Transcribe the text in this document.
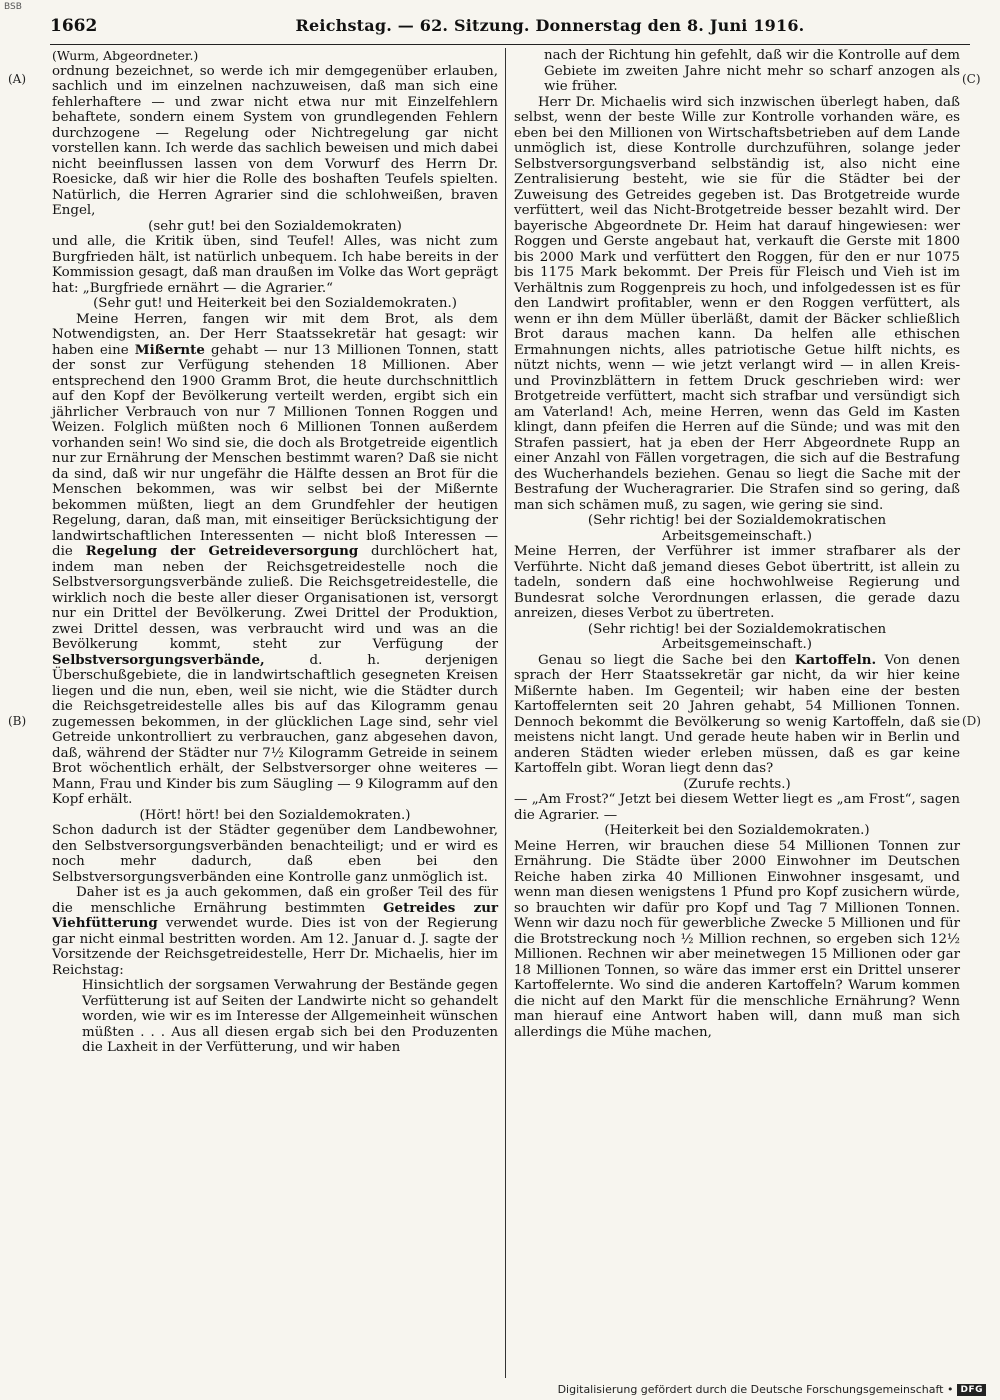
BSB
1662	Reichstag. — 62. Sitzung. Donnerstag den 8. Juni 1916.
(A)
(B)
(C)
(D)

(Wurm, Abgeordneter.)

ordnung bezeichnet, so werde ich mir demgegenüber erlauben, sachlich und im einzelnen nachzuweisen, daß man sich eine fehlerhaftere — und zwar nicht etwa nur mit Einzelfehlern behaftete, sondern einem System von grundlegenden Fehlern durchzogene — Regelung oder Nichtregelung gar nicht vorstellen kann. Ich werde das sachlich beweisen und mich dabei nicht beeinflussen lassen von dem Vorwurf des Herrn Dr. Roesicke, daß wir hier die Rolle des boshaften Teufels spielten. Natürlich, die Herren Agrarier sind die schlohweißen, braven Engel,

(sehr gut! bei den Sozialdemokraten)

und alle, die Kritik üben, sind Teufel! Alles, was nicht zum Burgfrieden hält, ist natürlich unbequem. Ich habe bereits in der Kommission gesagt, daß man draußen im Volke das Wort geprägt hat: „Burgfriede ernährt — die Agrarier.“

(Sehr gut! und Heiterkeit bei den Sozialdemokraten.)

Meine Herren, fangen wir mit dem Brot, als dem Notwendigsten, an. Der Herr Staatssekretär hat gesagt: wir haben eine Mißernte gehabt — nur 13 Millionen Tonnen, statt der sonst zur Verfügung stehenden 18 Millionen. Aber entsprechend den 1900 Gramm Brot, die heute durchschnittlich auf den Kopf der Bevölkerung verteilt werden, ergibt sich ein jährlicher Verbrauch von nur 7 Millionen Tonnen Roggen und Weizen. Folglich müßten noch 6 Millionen Tonnen außerdem vorhanden sein! Wo sind sie, die doch als Brotgetreide eigentlich nur zur Ernährung der Menschen bestimmt waren? Daß sie nicht da sind, daß wir nur ungefähr die Hälfte dessen an Brot für die Menschen bekommen, was wir selbst bei der Mißernte bekommen müßten, liegt an dem Grundfehler der heutigen Regelung, daran, daß man, mit einseitiger Berücksichtigung der landwirtschaftlichen Interessenten — nicht bloß Interessen — die Regelung der Getreideversorgung durchlöchert hat, indem man neben der Reichsgetreidestelle noch die Selbstversorgungsverbände zuließ. Die Reichsgetreidestelle, die wirklich noch die beste aller dieser Organisationen ist, versorgt nur ein Drittel der Bevölkerung. Zwei Drittel der Produktion, zwei Drittel dessen, was verbraucht wird und was an die Bevölkerung kommt, steht zur Verfügung der Selbstversorgungsverbände, d. h. derjenigen Überschußgebiete, die in landwirtschaftlich gesegneten Kreisen liegen und die nun, eben, weil sie nicht, wie die Städter durch die Reichsgetreidestelle alles bis auf das Kilogramm genau zugemessen bekommen, in der glücklichen Lage sind, sehr viel Getreide unkontrolliert zu verbrauchen, ganz abgesehen davon, daß, während der Städter nur 7½ Kilogramm Getreide in seinem Brot wöchentlich erhält, der Selbstversorger ohne weiteres — Mann, Frau und Kinder bis zum Säugling — 9 Kilogramm auf den Kopf erhält.

(Hört! hört! bei den Sozialdemokraten.)

Schon dadurch ist der Städter gegenüber dem Landbewohner, den Selbstversorgungsverbänden benachteiligt; und er wird es noch mehr dadurch, daß eben bei den Selbstversorgungsverbänden eine Kontrolle ganz unmöglich ist.

Daher ist es ja auch gekommen, daß ein großer Teil des für die menschliche Ernährung bestimmten Getreides zur Viehfütterung verwendet wurde. Dies ist von der Regierung gar nicht einmal bestritten worden. Am 12. Januar d. J. sagte der Vorsitzende der Reichsgetreidestelle, Herr Dr. Michaelis, hier im Reichstag:

Hinsichtlich der sorgsamen Verwahrung der Bestände gegen Verfütterung ist auf Seiten der Landwirte nicht so gehandelt worden, wie wir es im Interesse der Allgemeinheit wünschen müßten . . . Aus all diesen ergab sich bei den Produzenten die Laxheit in der Verfütterung, und wir haben

nach der Richtung hin gefehlt, daß wir die Kontrolle auf dem Gebiete im zweiten Jahre nicht mehr so scharf anzogen als wie früher.

Herr Dr. Michaelis wird sich inzwischen überlegt haben, daß selbst, wenn der beste Wille zur Kontrolle vorhanden wäre, es eben bei den Millionen von Wirtschaftsbetrieben auf dem Lande unmöglich ist, diese Kontrolle durchzuführen, solange jeder Selbstversorgungsverband selbständig ist, also nicht eine Zentralisierung besteht, wie sie für die Städter bei der Zuweisung des Getreides gegeben ist. Das Brotgetreide wurde verfüttert, weil das Nicht-Brotgetreide besser bezahlt wird. Der bayerische Abgeordnete Dr. Heim hat darauf hingewiesen: wer Roggen und Gerste angebaut hat, verkauft die Gerste mit 1800 bis 2000 Mark und verfüttert den Roggen, für den er nur 1075 bis 1175 Mark bekommt. Der Preis für Fleisch und Vieh ist im Verhältnis zum Roggenpreis zu hoch, und infolgedessen ist es für den Landwirt profitabler, wenn er den Roggen verfüttert, als wenn er ihn dem Müller überläßt, damit der Bäcker schließlich Brot daraus machen kann. Da helfen alle ethischen Ermahnungen nichts, alles patriotische Getue hilft nichts, es nützt nichts, wenn — wie jetzt verlangt wird — in allen Kreis- und Provinzblättern in fettem Druck geschrieben wird: wer Brotgetreide verfüttert, macht sich strafbar und versündigt sich am Vaterland! Ach, meine Herren, wenn das Geld im Kasten klingt, dann pfeifen die Herren auf die Sünde; und was mit den Strafen passiert, hat ja eben der Herr Abgeordnete Rupp an einer Anzahl von Fällen vorgetragen, die sich auf die Bestrafung des Wucherhandels beziehen. Genau so liegt die Sache mit der Bestrafung der Wucheragrarier. Die Strafen sind so gering, daß man sich schämen muß, zu sagen, wie gering sie sind.

(Sehr richtig! bei der Sozialdemokratischen Arbeitsgemeinschaft.)

Meine Herren, der Verführer ist immer strafbarer als der Verführte. Nicht daß jemand dieses Gebot übertritt, ist allein zu tadeln, sondern daß eine hochwohlweise Regierung und Bundesrat solche Verordnungen erlassen, die gerade dazu anreizen, dieses Verbot zu übertreten.

(Sehr richtig! bei der Sozialdemokratischen Arbeitsgemeinschaft.)

Genau so liegt die Sache bei den Kartoffeln. Von denen sprach der Herr Staatssekretär gar nicht, da wir hier keine Mißernte haben. Im Gegenteil; wir haben eine der besten Kartoffelernten seit 20 Jahren gehabt, 54 Millionen Tonnen. Dennoch bekommt die Bevölkerung so wenig Kartoffeln, daß sie meistens nicht langt. Und gerade heute haben wir in Berlin und anderen Städten wieder erleben müssen, daß es gar keine Kartoffeln gibt. Woran liegt denn das?

(Zurufe rechts.)

— „Am Frost?“ Jetzt bei diesem Wetter liegt es „am Frost“, sagen die Agrarier. —

(Heiterkeit bei den Sozialdemokraten.)

Meine Herren, wir brauchen diese 54 Millionen Tonnen zur Ernährung. Die Städte über 2000 Einwohner im Deutschen Reiche haben zirka 40 Millionen Einwohner insgesamt, und wenn man diesen wenigstens 1 Pfund pro Kopf zusichern würde, so brauchten wir dafür pro Kopf und Tag 7 Millionen Tonnen. Wenn wir dazu noch für gewerbliche Zwecke 5 Millionen und für die Brotstreckung noch ½ Million rechnen, so ergeben sich 12½ Millionen. Rechnen wir aber meinetwegen 15 Millionen oder gar 18 Millionen Tonnen, so wäre das immer erst ein Drittel unserer Kartoffelernte. Wo sind die anderen Kartoffeln? Warum kommen die nicht auf den Markt für die menschliche Ernährung? Wenn man hierauf eine Antwort haben will, dann muß man sich allerdings die Mühe machen,

Digitalisierung gefördert durch die Deutsche Forschungsgemeinschaft • DFG
